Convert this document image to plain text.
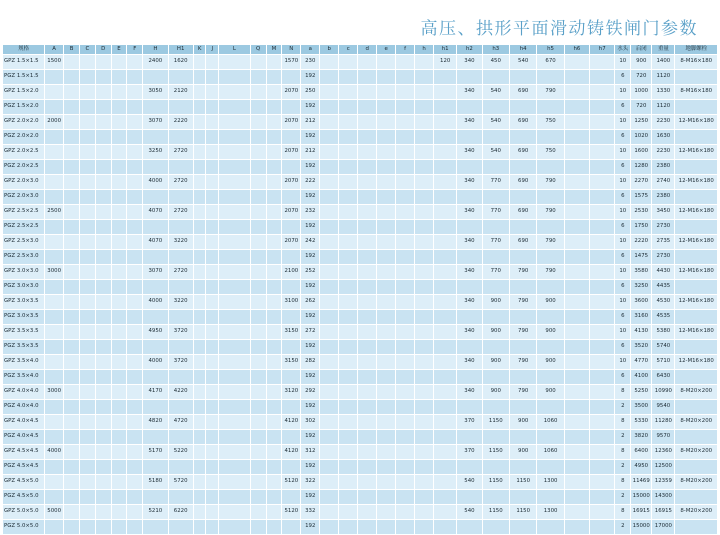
高压、拱形平面滑动铸铁闸门参数
规格	A	B	C	D	E	F	H	H1	K	J	L	Q	M	N	a	b	c	d	e	f	h	h1	h2	h3	h4	h5	h6	h7	水头	启闭	重量	地脚螺栓
GPZ 1.5×1.5	1500						2400	1620						1570	230							120	340	450	540	670			10	900	1400	8-M16×180
PGZ 1.5×1.5															192														6	720	1120	
GPZ 1.5×2.0							3050	2120						2070	250								340	540	690	790			10	1000	1330	8-M16×180
PGZ 1.5×2.0															192														6	720	1120	
GPZ 2.0×2.0	2000						3070	2220						2070	212								340	540	690	750			10	1250	2230	12-M16×180
PGZ 2.0×2.0															192														6	1020	1630	
GPZ 2.0×2.5							3250	2720						2070	212								340	540	690	750			10	1600	2230	12-M16×180
PGZ 2.0×2.5															192														6	1280	2380	
GPZ 2.0×3.0							4000	2720						2070	222								340	770	690	790			10	2270	2740	12-M16×180
PGZ 2.0×3.0															192														6	1575	2380	
GPZ 2.5×2.5	2500						4070	2720						2070	232								340	770	690	790			10	2530	3450	12-M16×180
PGZ 2.5×2.5															192														6	1750	2730	
GPZ 2.5×3.0							4070	3220						2070	242								340	770	690	790			10	2220	2735	12-M16×180
PGZ 2.5×3.0															192														6	1475	2730	
GPZ 3.0×3.0	3000						3070	2720						2100	252								340	770	790	790			10	3580	4430	12-M16×180
PGZ 3.0×3.0															192														6	3250	4435	
GPZ 3.0×3.5							4000	3220						3100	262								340	900	790	900			10	3600	4530	12-M16×180
PGZ 3.0×3.5															192														6	3160	4535	
GPZ 3.5×3.5							4950	3720						3150	272								340	900	790	900			10	4130	5380	12-M16×180
PGZ 3.5×3.5															192														6	3520	5740	
GPZ 3.5×4.0							4000	3720						3150	282								340	900	790	900			10	4770	5710	12-M16×180
PGZ 3.5×4.0															192														6	4100	6430	
GPZ 4.0×4.0	3000						4170	4220						3120	292								340	900	790	900			8	5250	10990	8-M20×200
PGZ 4.0×4.0															192														2	3500	9540	
GPZ 4.0×4.5							4820	4720						4120	302								370	1150	900	1060			8	5330	11280	8-M20×200
PGZ 4.0×4.5															192														2	3820	9570	
GPZ 4.5×4.5	4000						5170	5220						4120	312								370	1150	900	1060			8	6400	12360	8-M20×200
PGZ 4.5×4.5															192														2	4950	12500	
GPZ 4.5×5.0							5180	5720						5120	322								540	1150	1150	1300			8	11469	12359	8-M20×200
PGZ 4.5×5.0															192														2	15000	14300	
GPZ 5.0×5.0	5000						5210	6220						5120	332								540	1150	1150	1300			8	16915	16915	8-M20×200
PGZ 5.0×5.0															192														2	15000	17000	
